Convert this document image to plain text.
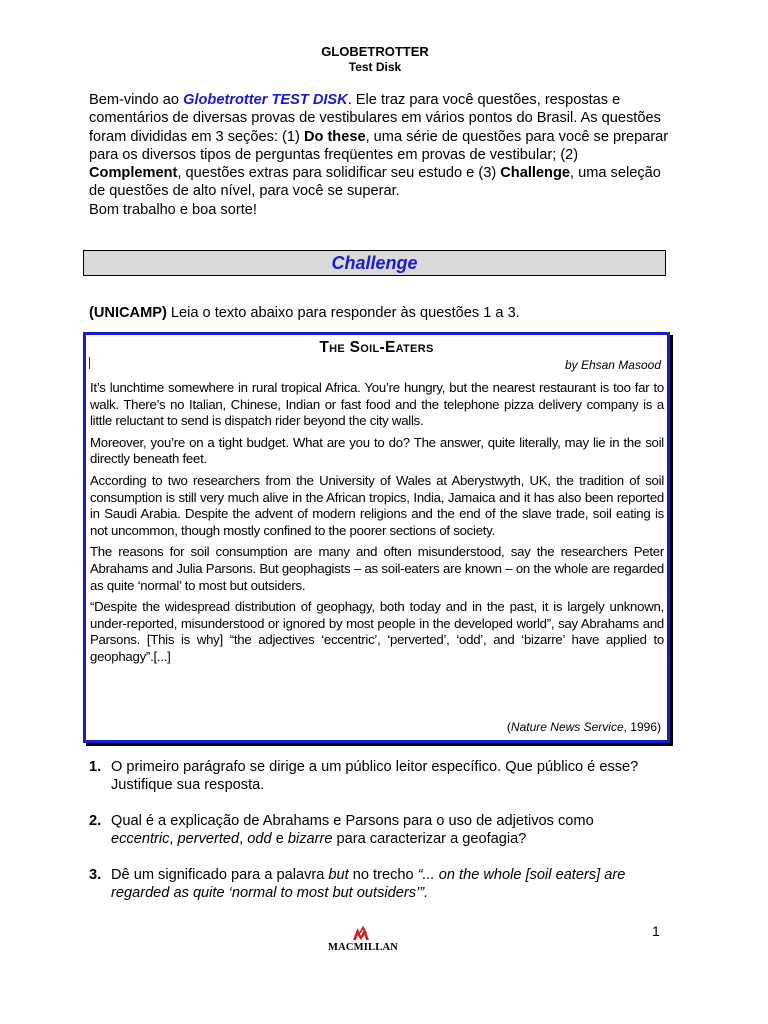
GLOBETROTTER
Test Disk

Bem-vindo ao Globetrotter TEST DISK. Ele traz para você questões, respostas e comentários de diversas provas de vestibulares em vários pontos do Brasil. As questões foram divididas em 3 seções: (1) Do these, uma série de questões para você se preparar para os diversos tipos de perguntas freqüentes em provas de vestibular; (2) Complement, questões extras para solidificar seu estudo e (3) Challenge, uma seleção de questões de alto nível, para você se superar.

Bom trabalho e boa sorte!

Challenge
(UNICAMP) Leia o texto abaixo para responder às questões 1 a 3.
The Soil-Eaters
by Ehsan Masood

It’s lunchtime somewhere in rural tropical Africa. You’re hungry, but the nearest restaurant is too far to walk. There’s no Italian, Chinese, Indian or fast food and the telephone pizza delivery company is a little reluctant to send is dispatch rider beyond the city walls.

Moreover, you’re on a tight budget. What are you to do? The answer, quite literally, may lie in the soil directly beneath feet.

According to two researchers from the University of Wales at Aberystwyth, UK, the tradition of soil consumption is still very much alive in the African tropics, India, Jamaica and it has also been reported in Saudi Arabia. Despite the advent of modern religions and the end of the slave trade, soil eating is not uncommon, though mostly confined to the poorer sections of society.

The reasons for soil consumption are many and often misunderstood, say the researchers Peter Abrahams and Julia Parsons. But geophagists – as soil-eaters are known – on the whole are regarded as quite ‘normal’ to most but outsiders.

“Despite the widespread distribution of geophagy, both today and in the past, it is largely unknown, under-reported, misunderstood or ignored by most people in the developed world”, say Abrahams and Parsons. [This is why] “the adjectives ‘eccentric’, ‘perverted’, ‘odd’, and ‘bizarre’ have applied to geophagy”.[...]

(Nature News Service, 1996)
1. O primeiro parágrafo se dirige a um público leitor específico. Que público é esse? Justifique sua resposta.
2. Qual é a explicação de Abrahams e Parsons para o uso de adjetivos como eccentric, perverted, odd e bizarre para caracterizar a geofagia?
3. Dê um significado para a palavra but no trecho “... on the whole [soil eaters] are regarded as quite ‘normal to most but outsiders’”.
1
MACMILLAN
